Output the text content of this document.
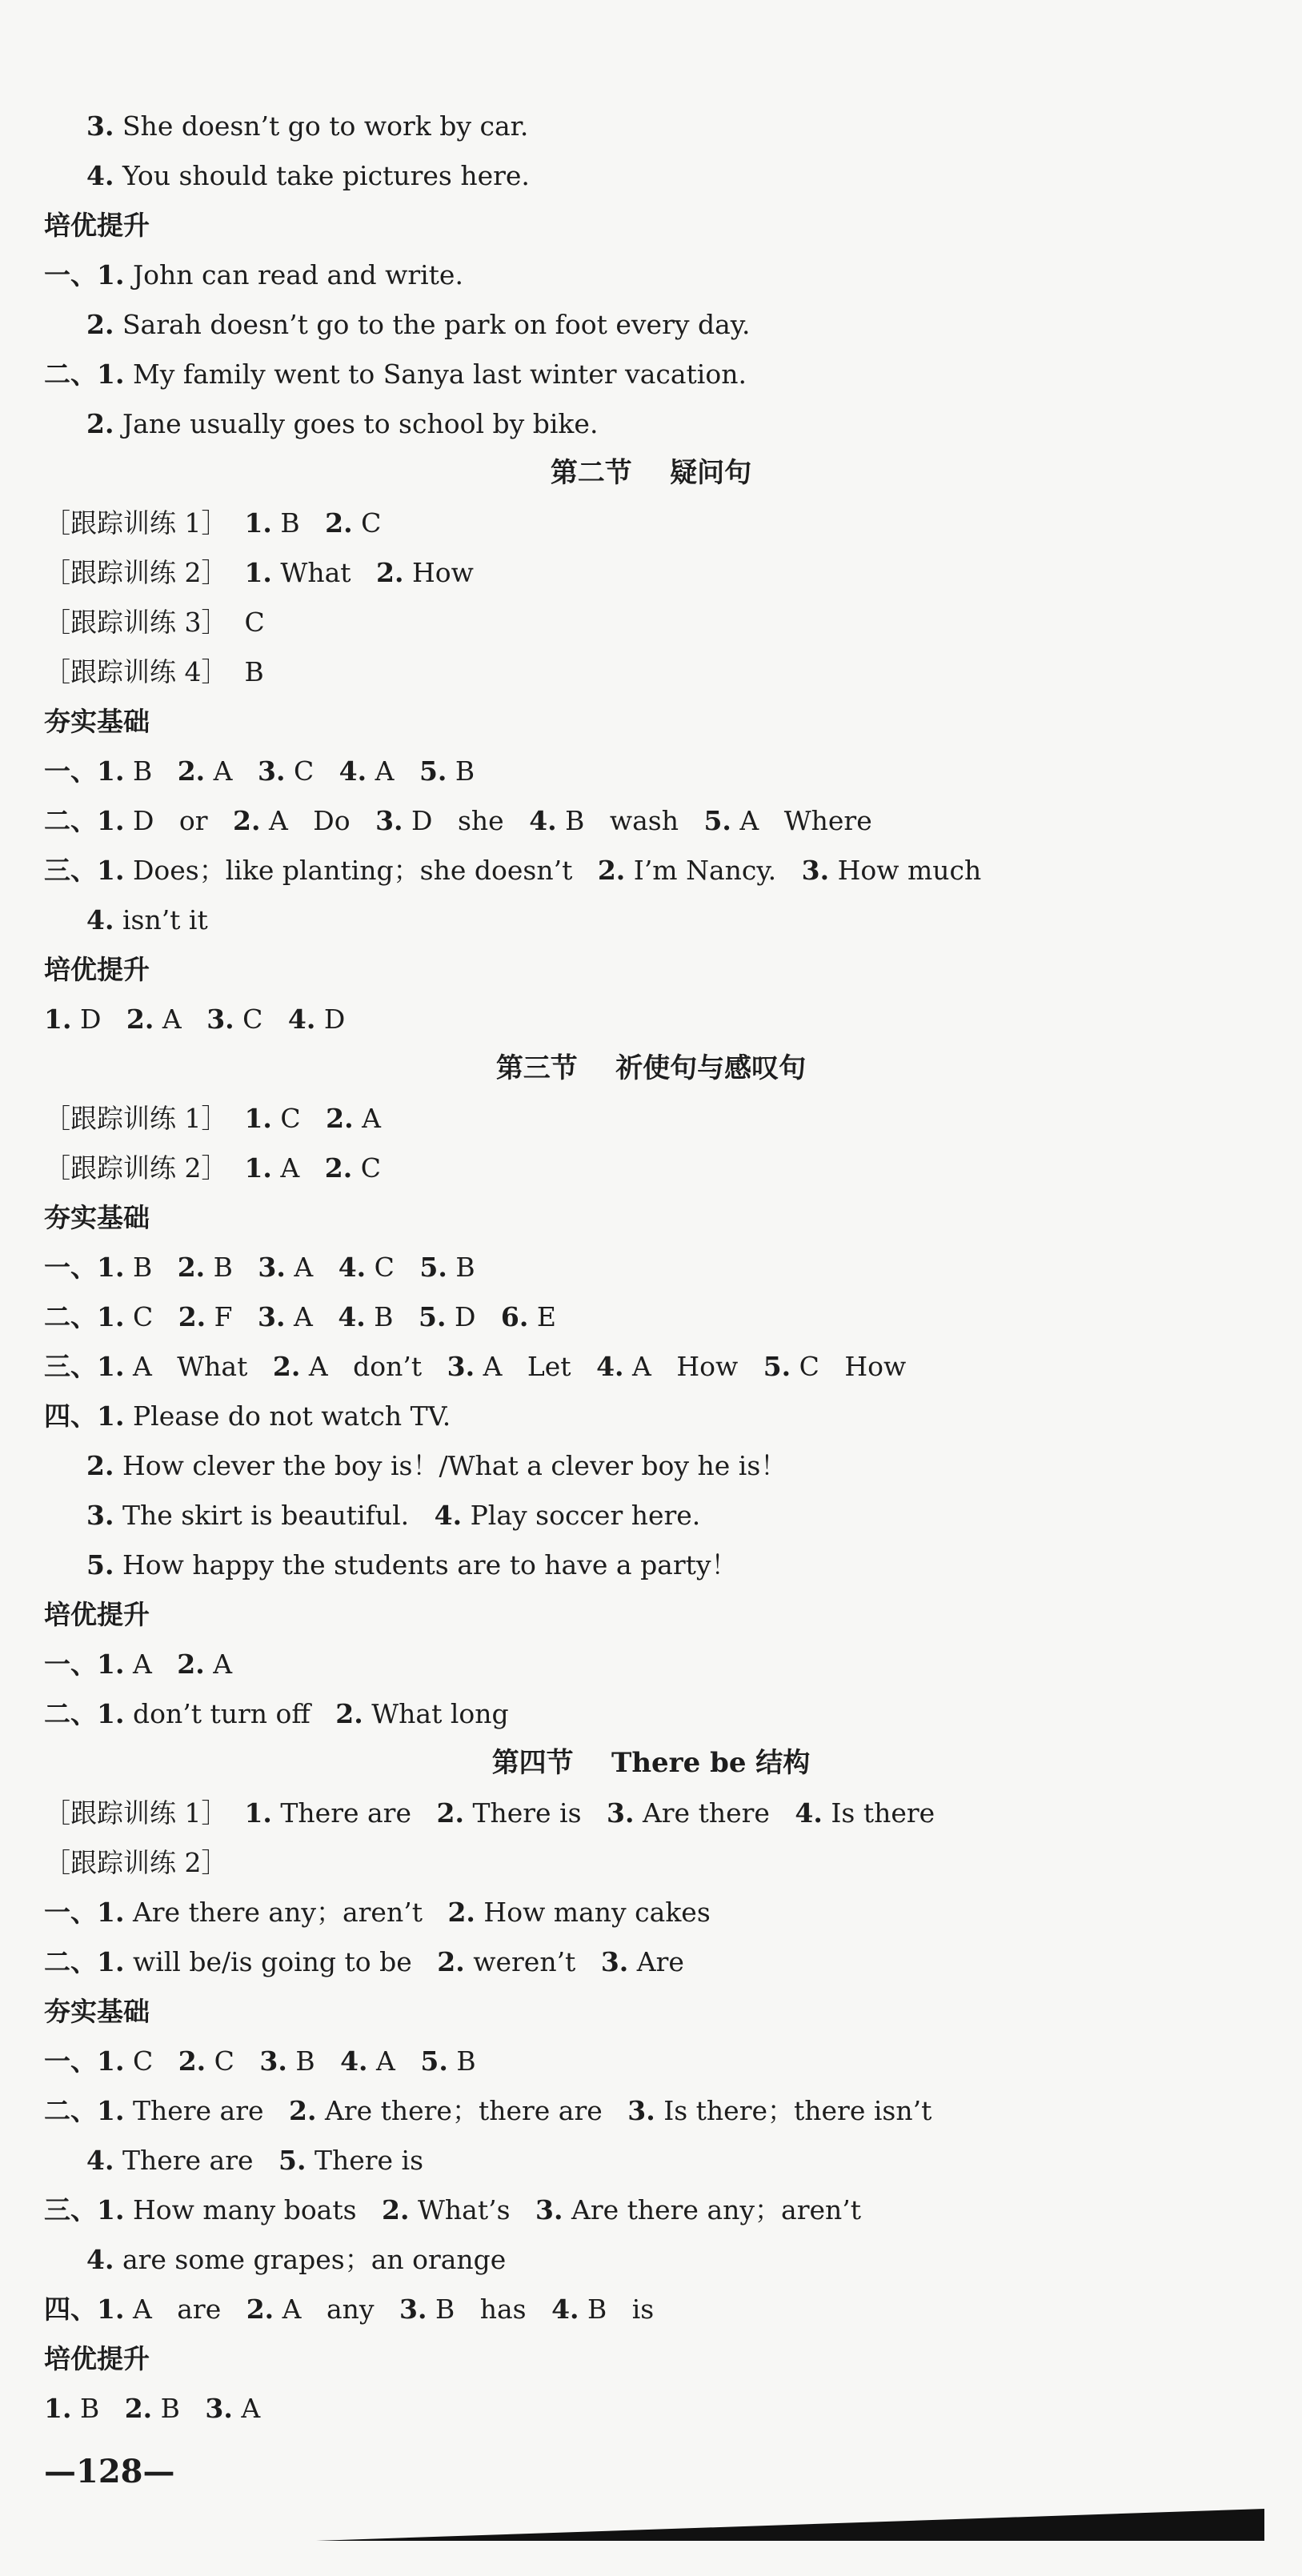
培优提升
夯实基础
培优提升
夯实基础
培优提升
夯实基础
培优提升
第二节    疑问句
第三节    祈使句与感叹句
第四节    There be 结构
3. She doesn’t go to work by car.
4. You should take pictures here.
一、1. John can read and write.
2. Sarah doesn’t go to the park on foot every day.
二、1. My family went to Sanya last winter vacation.
2. Jane usually goes to school by bike.
［跟踪训练 1］  1. B 2. C
［跟踪训练 2］  1. What 2. How
［跟踪训练 3］  C
［跟踪训练 4］  B
一、1. B 2. A 3. C 4. A 5. B
二、1. D   or 2. A   Do 3. D   she 4. B   wash 5. A   Where
三、1. Does；like planting；she doesn’t 2. I’m Nancy. 3. How much
4. isn’t it
1. D 2. A 3. C 4. D
［跟踪训练 1］  1. C 2. A
［跟踪训练 2］  1. A 2. C
一、1. B 2. B 3. A 4. C 5. B
二、1. C 2. F 3. A 4. B 5. D 6. E
三、1. A   What 2. A   don’t 3. A   Let 4. A   How 5. C   How
四、1. Please do not watch TV.
2. How clever the boy is！/What a clever boy he is！
3. The skirt is beautiful. 4. Play soccer here.
5. How happy the students are to have a party！
一、1. A 2. A
二、1. don’t turn off 2. What long
［跟踪训练 1］  1. There are 2. There is 3. Are there 4. Is there
［跟踪训练 2］
一、1. Are there any；aren’t 2. How many cakes
二、1. will be/is going to be 2. weren’t 3. Are
一、1. C 2. C 3. B 4. A 5. B
二、1. There are 2. Are there；there are 3. Is there；there isn’t
4. There are 5. There is
三、1. How many boats 2. What’s 3. Are there any；aren’t
4. are some grapes；an orange
四、1. A   are 2. A   any 3. B   has 4. B   is
1. B 2. B 3. A
—128—
